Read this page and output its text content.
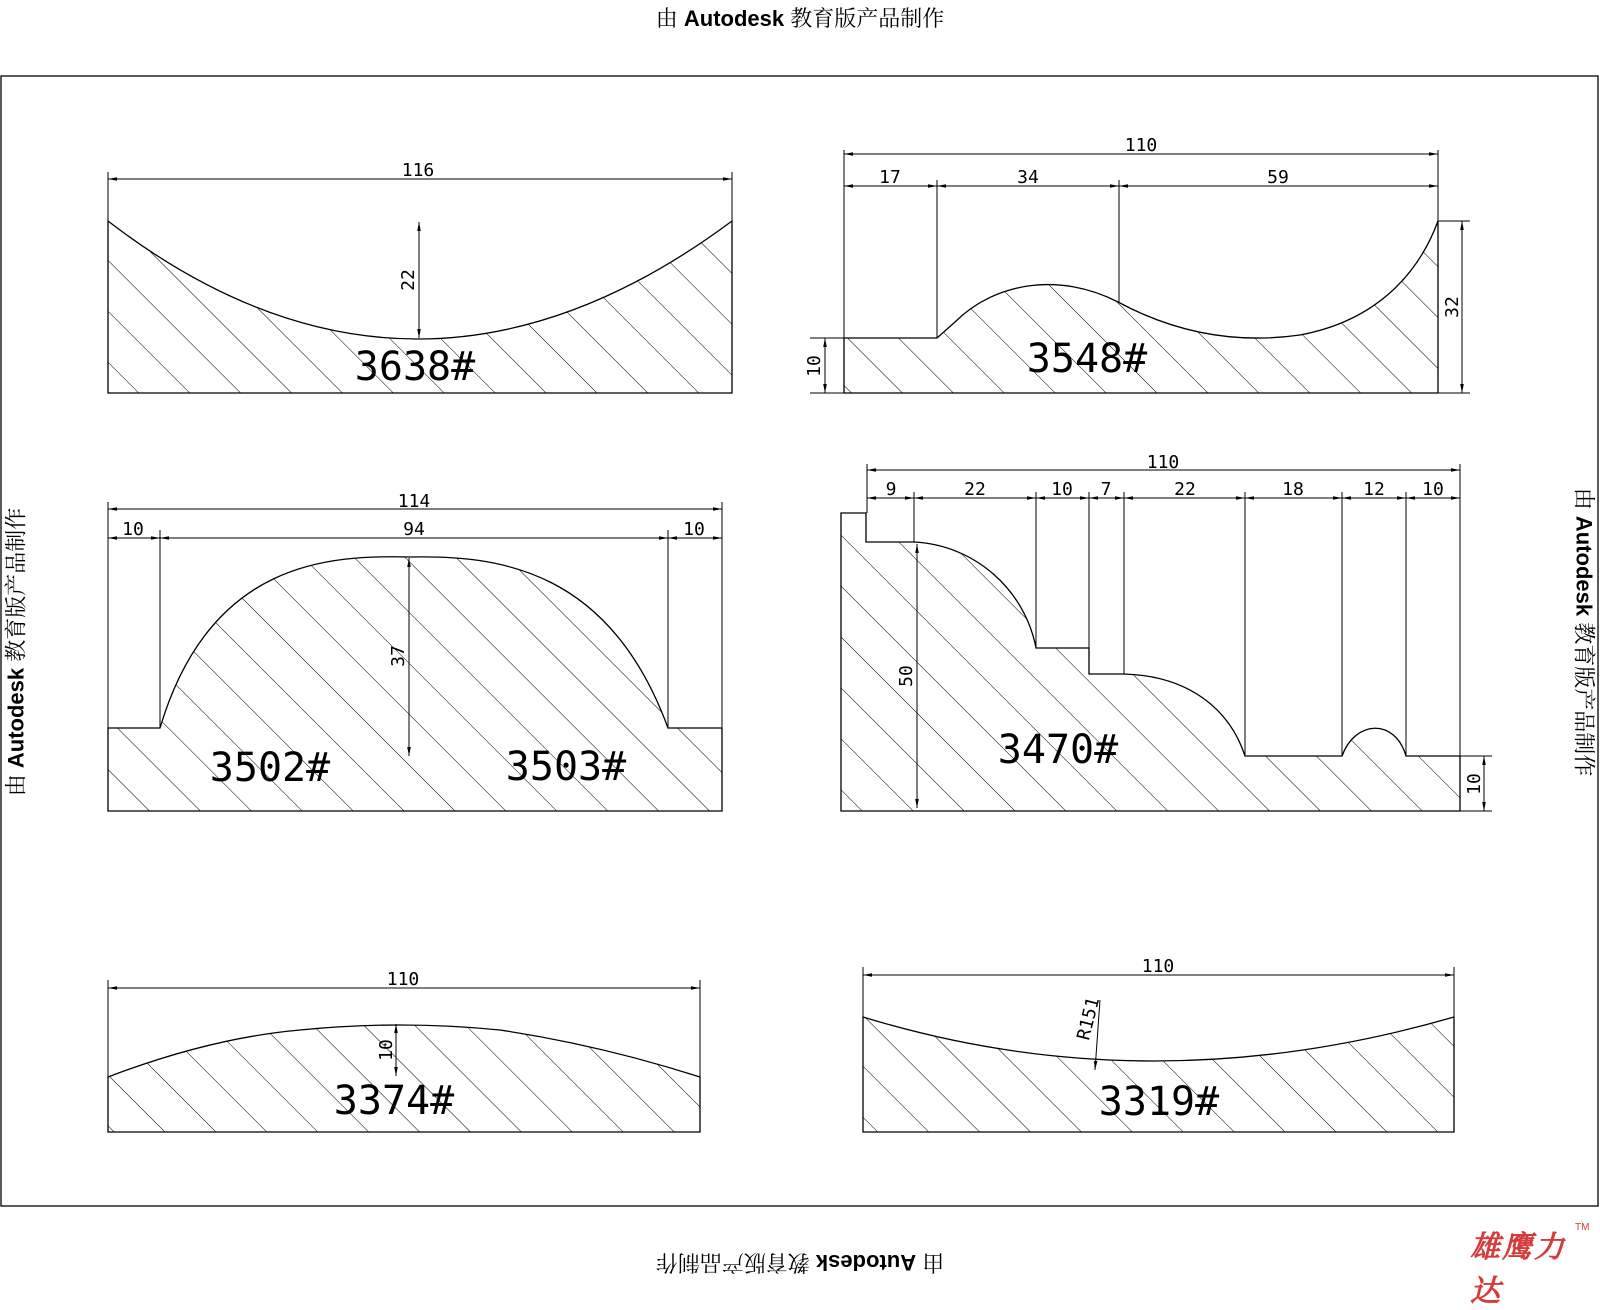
由 Autodesk 教育版产品制作
由 Autodesk 教育版产品制作
由 Autodesk 教育版产品制作
由 Autodesk 教育版产品制作
116
22
3638#
110
17	34	59
10
32
3548#
114
10	94	10
37
3502#	3503#
110
9	22	10 7	22	18	12 10
50
10
3470#
110
10
3374#
110
R151
3319#
雄鹰力达
TM
